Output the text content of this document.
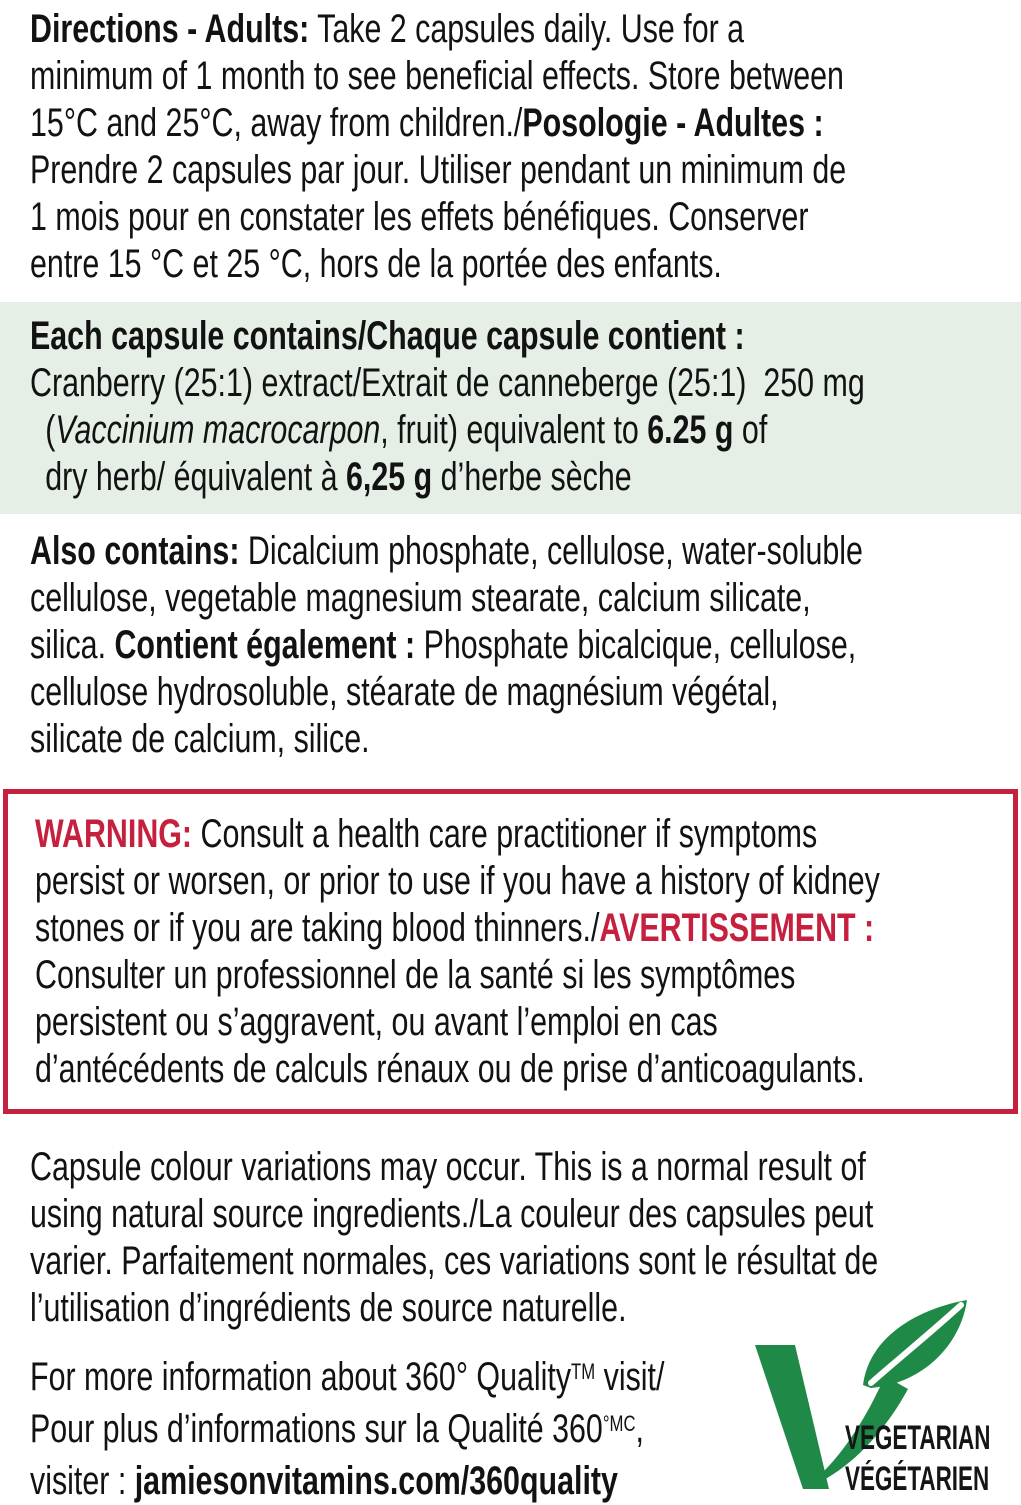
Directions - Adults: Take 2 capsules daily. Use for a
minimum of 1 month to see beneficial effects. Store between
15°C and 25°C, away from children./Posologie - Adultes :
Prendre 2 capsules par jour. Utiliser pendant un minimum de
1 mois pour en constater les effets bénéfiques. Conserver
entre 15 °C et 25 °C, hors de la portée des enfants.
Each capsule contains/Chaque capsule contient :
Cranberry (25:1) extract/Extrait de canneberge (25:1)  250 mg
(Vaccinium macrocarpon, fruit) equivalent to 6.25 g of
dry herb/ équivalent à 6,25 g d’herbe sèche
Also contains: Dicalcium phosphate, cellulose, water-soluble
cellulose, vegetable magnesium stearate, calcium silicate,
silica. Contient également : Phosphate bicalcique, cellulose,
cellulose hydrosoluble, stéarate de magnésium végétal,
silicate de calcium, silice.
WARNING: Consult a health care practitioner if symptoms
persist or worsen, or prior to use if you have a history of kidney
stones or if you are taking blood thinners./AVERTISSEMENT :
Consulter un professionnel de la santé si les symptômes
persistent ou s’aggravent, ou avant l’emploi en cas
d’antécédents de calculs rénaux ou de prise d’anticoagulants.
Capsule colour variations may occur. This is a normal result of
using natural source ingredients./La couleur des capsules peut
varier. Parfaitement normales, ces variations sont le résultat de
l’utilisation d’ingrédients de source naturelle.
For more information about 360° Quality™ visit/
Pour plus d’informations sur la Qualité $360^{^\circ MC}$,
visiter : jamiesonvitamins.com/360quality
VEGETARIAN
VÉGÉTARIEN
